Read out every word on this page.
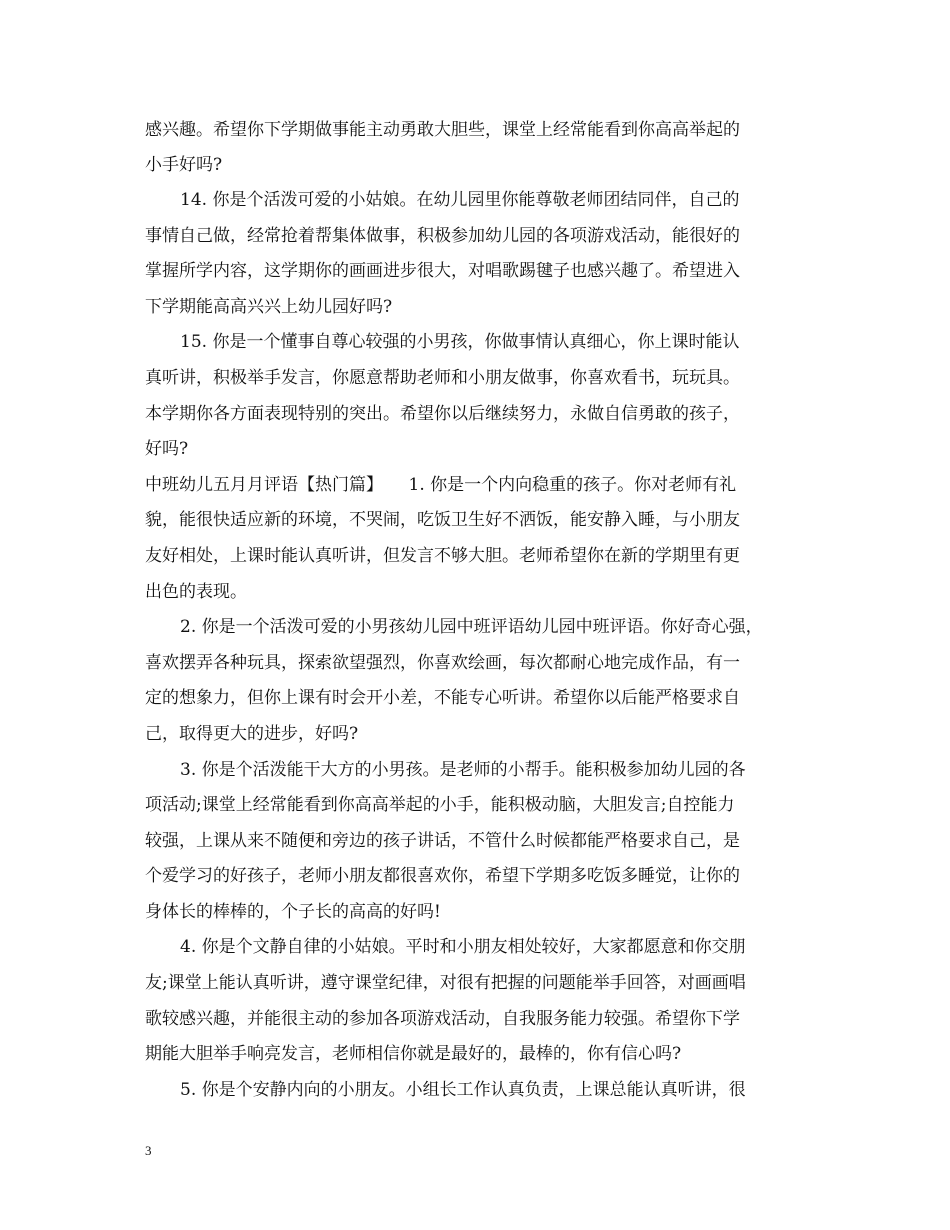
感兴趣。希望你下学期做事能主动勇敢大胆些，课堂上经常能看到你高高举起的
小手好吗?
14. 你是个活泼可爱的小姑娘。在幼儿园里你能尊敬老师团结同伴，自己的
事情自己做，经常抢着帮集体做事，积极参加幼儿园的各项游戏活动，能很好的
掌握所学内容，这学期你的画画进步很大，对唱歌踢毽子也感兴趣了。希望进入
下学期能高高兴兴上幼儿园好吗?
15. 你是一个懂事自尊心较强的小男孩，你做事情认真细心，你上课时能认
真听讲，积极举手发言，你愿意帮助老师和小朋友做事，你喜欢看书，玩玩具。
本学期你各方面表现特别的突出。希望你以后继续努力，永做自信勇敢的孩子，
好吗?
中班幼儿五月月评语【热门篇】　　1. 你是一个内向稳重的孩子。你对老师有礼
貌，能很快适应新的环境，不哭闹，吃饭卫生好不洒饭，能安静入睡，与小朋友
友好相处，上课时能认真听讲，但发言不够大胆。老师希望你在新的学期里有更
出色的表现。
2. 你是一个活泼可爱的小男孩幼儿园中班评语幼儿园中班评语。你好奇心强，
喜欢摆弄各种玩具，探索欲望强烈，你喜欢绘画，每次都耐心地完成作品，有一
定的想象力，但你上课有时会开小差，不能专心听讲。希望你以后能严格要求自
己，取得更大的进步，好吗?
3. 你是个活泼能干大方的小男孩。是老师的小帮手。能积极参加幼儿园的各
项活动;课堂上经常能看到你高高举起的小手，能积极动脑，大胆发言;自控能力
较强，上课从来不随便和旁边的孩子讲话，不管什么时候都能严格要求自己，是
个爱学习的好孩子，老师小朋友都很喜欢你，希望下学期多吃饭多睡觉，让你的
身体长的棒棒的，个子长的高高的好吗!
4. 你是个文静自律的小姑娘。平时和小朋友相处较好，大家都愿意和你交朋
友;课堂上能认真听讲，遵守课堂纪律，对很有把握的问题能举手回答，对画画唱
歌较感兴趣，并能很主动的参加各项游戏活动，自我服务能力较强。希望你下学
期能大胆举手响亮发言，老师相信你就是最好的，最棒的，你有信心吗?
5. 你是个安静内向的小朋友。小组长工作认真负责，上课总能认真听讲，很
3
